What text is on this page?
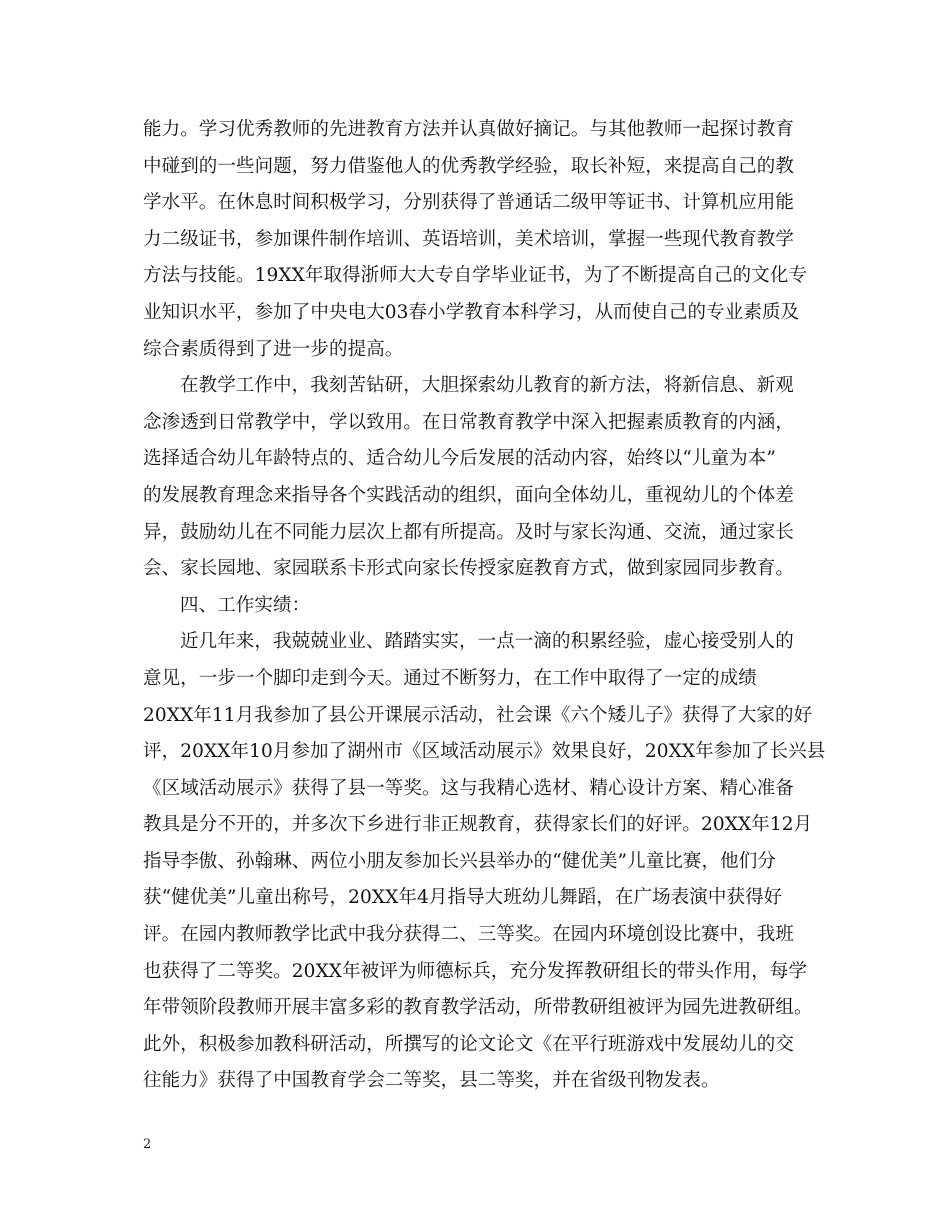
能力。学习优秀教师的先进教育方法并认真做好摘记。与其他教师一起探讨教育
中碰到的一些问题，努力借鉴他人的优秀教学经验，取长补短，来提高自己的教
学水平。在休息时间积极学习，分别获得了普通话二级甲等证书、计算机应用能
力二级证书，参加课件制作培训、英语培训，美术培训，掌握一些现代教育教学
方法与技能。19XX年取得浙师大大专自学毕业证书，为了不断提高自己的文化专
业知识水平，参加了中央电大03春小学教育本科学习，从而使自己的专业素质及
综合素质得到了进一步的提高。
在教学工作中，我刻苦钻研，大胆探索幼儿教育的新方法，将新信息、新观
念渗透到日常教学中，学以致用。在日常教育教学中深入把握素质教育的内涵，
选择适合幼儿年龄特点的、适合幼儿今后发展的活动内容，始终以“儿童为本”
的发展教育理念来指导各个实践活动的组织，面向全体幼儿，重视幼儿的个体差
异，鼓励幼儿在不同能力层次上都有所提高。及时与家长沟通、交流，通过家长
会、家长园地、家园联系卡形式向家长传授家庭教育方式，做到家园同步教育。
四、工作实绩：
近几年来，我兢兢业业、踏踏实实，一点一滴的积累经验，虚心接受别人的
意见，一步一个脚印走到今天。通过不断努力，在工作中取得了一定的成绩
20XX年11月我参加了县公开课展示活动，社会课《六个矮儿子》获得了大家的好
评，20XX年10月参加了湖州市《区域活动展示》效果良好，20XX年参加了长兴县
《区域活动展示》获得了县一等奖。这与我精心选材、精心设计方案、精心准备
教具是分不开的，并多次下乡进行非正规教育，获得家长们的好评。20XX年12月
指导李傲、孙翰琳、两位小朋友参加长兴县举办的“健优美”儿童比赛，他们分
获“健优美”儿童出称号，20XX年4月指导大班幼儿舞蹈，在广场表演中获得好
评。在园内教师教学比武中我分获得二、三等奖。在园内环境创设比赛中，我班
也获得了二等奖。20XX年被评为师德标兵，充分发挥教研组长的带头作用，每学
年带领阶段教师开展丰富多彩的教育教学活动，所带教研组被评为园先进教研组。
此外，积极参加教科研活动，所撰写的论文论文《在平行班游戏中发展幼儿的交
往能力》获得了中国教育学会二等奖，县二等奖，并在省级刊物发表。
2
